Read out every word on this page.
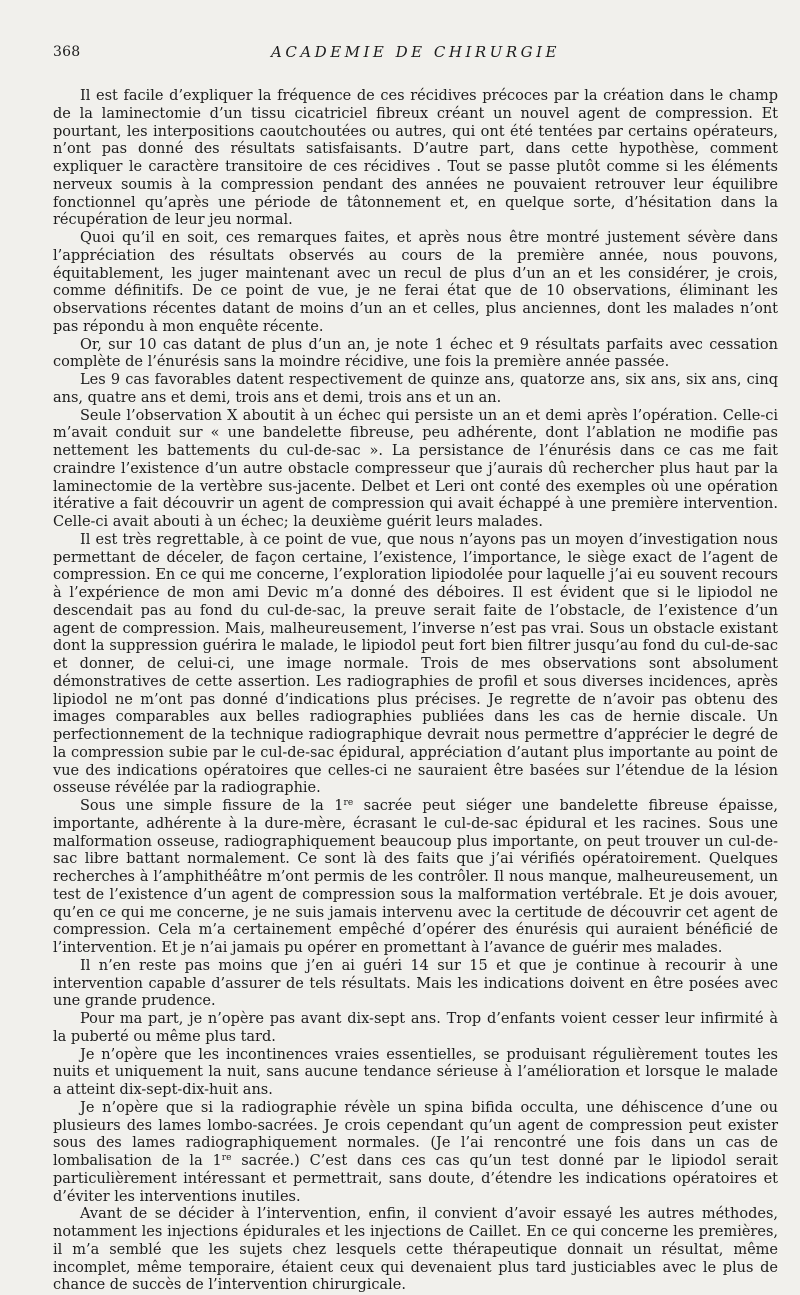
368	ACADEMIE DE CHIRURGIE

Il est facile d’expliquer la fréquence de ces récidives précoces par la création dans le champ de la laminectomie d’un tissu cicatriciel fibreux créant un nouvel agent de compression. Et pourtant, les interpositions caoutchoutées ou autres, qui ont été tentées par certains opérateurs, n’ont pas donné des résultats satisfaisants. D’autre part, dans cette hypothèse, comment expliquer le caractère transitoire de ces récidives . Tout se passe plutôt comme si les éléments nerveux soumis à la compression pendant des années ne pouvaient retrouver leur équilibre fonctionnel qu’après une période de tâtonnement et, en quelque sorte, d’hésitation dans la récupération de leur jeu normal.

Quoi qu’il en soit, ces remarques faites, et après nous être montré justement sévère dans l’appréciation des résultats observés au cours de la première année, nous pouvons, équitablement, les juger maintenant avec un recul de plus d’un an et les considérer, je crois, comme définitifs. De ce point de vue, je ne ferai état que de 10 observations, éliminant les observations récentes datant de moins d’un an et celles, plus anciennes, dont les malades n’ont pas répondu à mon enquête récente.

Or, sur 10 cas datant de plus d’un an, je note 1 échec et 9 résultats parfaits avec cessation complète de l’énurésis sans la moindre récidive, une fois la première année passée.

Les 9 cas favorables datent respectivement de quinze ans, quatorze ans, six ans, six ans, cinq ans, quatre ans et demi, trois ans et demi, trois ans et un an.

Seule l’observation X aboutit à un échec qui persiste un an et demi après l’opération. Celle-ci m’avait conduit sur « une bandelette fibreuse, peu adhérente, dont l’ablation ne modifie pas nettement les battements du cul-de-sac ». La persistance de l’énurésis dans ce cas me fait craindre l’existence d’un autre obstacle compresseur que j’aurais dû rechercher plus haut par la laminectomie de la vertèbre sus-jacente. Delbet et Leri ont conté des exemples où une opération itérative a fait découvrir un agent de compression qui avait échappé à une première intervention. Celle-ci avait abouti à un échec; la deuxième guérit leurs malades.

Il est très regrettable, à ce point de vue, que nous n’ayons pas un moyen d’investigation nous permettant de déceler, de façon certaine, l’existence, l’importance, le siège exact de l’agent de compression. En ce qui me concerne, l’exploration lipiodolée pour laquelle j’ai eu souvent recours à l’expérience de mon ami Devic m’a donné des déboires. Il est évident que si le lipiodol ne descendait pas au fond du cul-de-sac, la preuve serait faite de l’obstacle, de l’existence d’un agent de compression. Mais, malheureusement, l’inverse n’est pas vrai. Sous un obstacle existant dont la suppression guérira le malade, le lipiodol peut fort bien filtrer jusqu’au fond du cul-de-sac et donner, de celui-ci, une image normale. Trois de mes observations sont absolument démonstratives de cette assertion. Les radiographies de profil et sous diverses incidences, après lipiodol ne m’ont pas donné d’indications plus précises. Je regrette de n’avoir pas obtenu des images comparables aux belles radiographies publiées dans les cas de hernie discale. Un perfectionnement de la technique radiographique devrait nous permettre d’apprécier le degré de la compression subie par le cul-de-sac épidural, appréciation d’autant plus importante au point de vue des indications opératoires que celles-ci ne sauraient être basées sur l’étendue de la lésion osseuse révélée par la radiographie.

Sous une simple fissure de la 1re sacrée peut siéger une bandelette fibreuse épaisse, importante, adhérente à la dure-mère, écrasant le cul-de-sac épidural et les racines. Sous une malformation osseuse, radiographiquement beaucoup plus importante, on peut trouver un cul-de-sac libre battant normalement. Ce sont là des faits que j’ai vérifiés opératoirement. Quelques recherches à l’amphithéâtre m’ont permis de les contrôler. Il nous manque, malheureusement, un test de l’existence d’un agent de compression sous la malformation vertébrale. Et je dois avouer, qu’en ce qui me concerne, je ne suis jamais intervenu avec la certitude de découvrir cet agent de compression. Cela m’a certainement empêché d’opérer des énurésis qui auraient bénéficié de l’intervention. Et je n’ai jamais pu opérer en promettant à l’avance de guérir mes malades.

Il n’en reste pas moins que j’en ai guéri 14 sur 15 et que je continue à recourir à une intervention capable d’assurer de tels résultats. Mais les indications doivent en être posées avec une grande prudence.

Pour ma part, je n’opère pas avant dix-sept ans. Trop d’enfants voient cesser leur infirmité à la puberté ou même plus tard.

Je n’opère que les incontinences vraies essentielles, se produisant régulièrement toutes les nuits et uniquement la nuit, sans aucune tendance sérieuse à l’amélioration et lorsque le malade a atteint dix-sept-dix-huit ans.

Je n’opère que si la radiographie révèle un spina bifida occulta, une déhiscence d’une ou plusieurs des lames lombo-sacrées. Je crois cependant qu’un agent de compression peut exister sous des lames radiographiquement normales. (Je l’ai rencontré une fois dans un cas de lombalisation de la 1re sacrée.) C’est dans ces cas qu’un test donné par le lipiodol serait particulièrement intéressant et permettrait, sans doute, d’étendre les indications opératoires et d’éviter les interventions inutiles.

Avant de se décider à l’intervention, enfin, il convient d’avoir essayé les autres méthodes, notamment les injections épidurales et les injections de Caillet. En ce qui concerne les premières, il m’a semblé que les sujets chez lesquels cette thérapeutique donnait un résultat, même incomplet, même temporaire, étaient ceux qui devenaient plus tard justiciables avec le plus de chance de succès de l’intervention chirurgicale.
